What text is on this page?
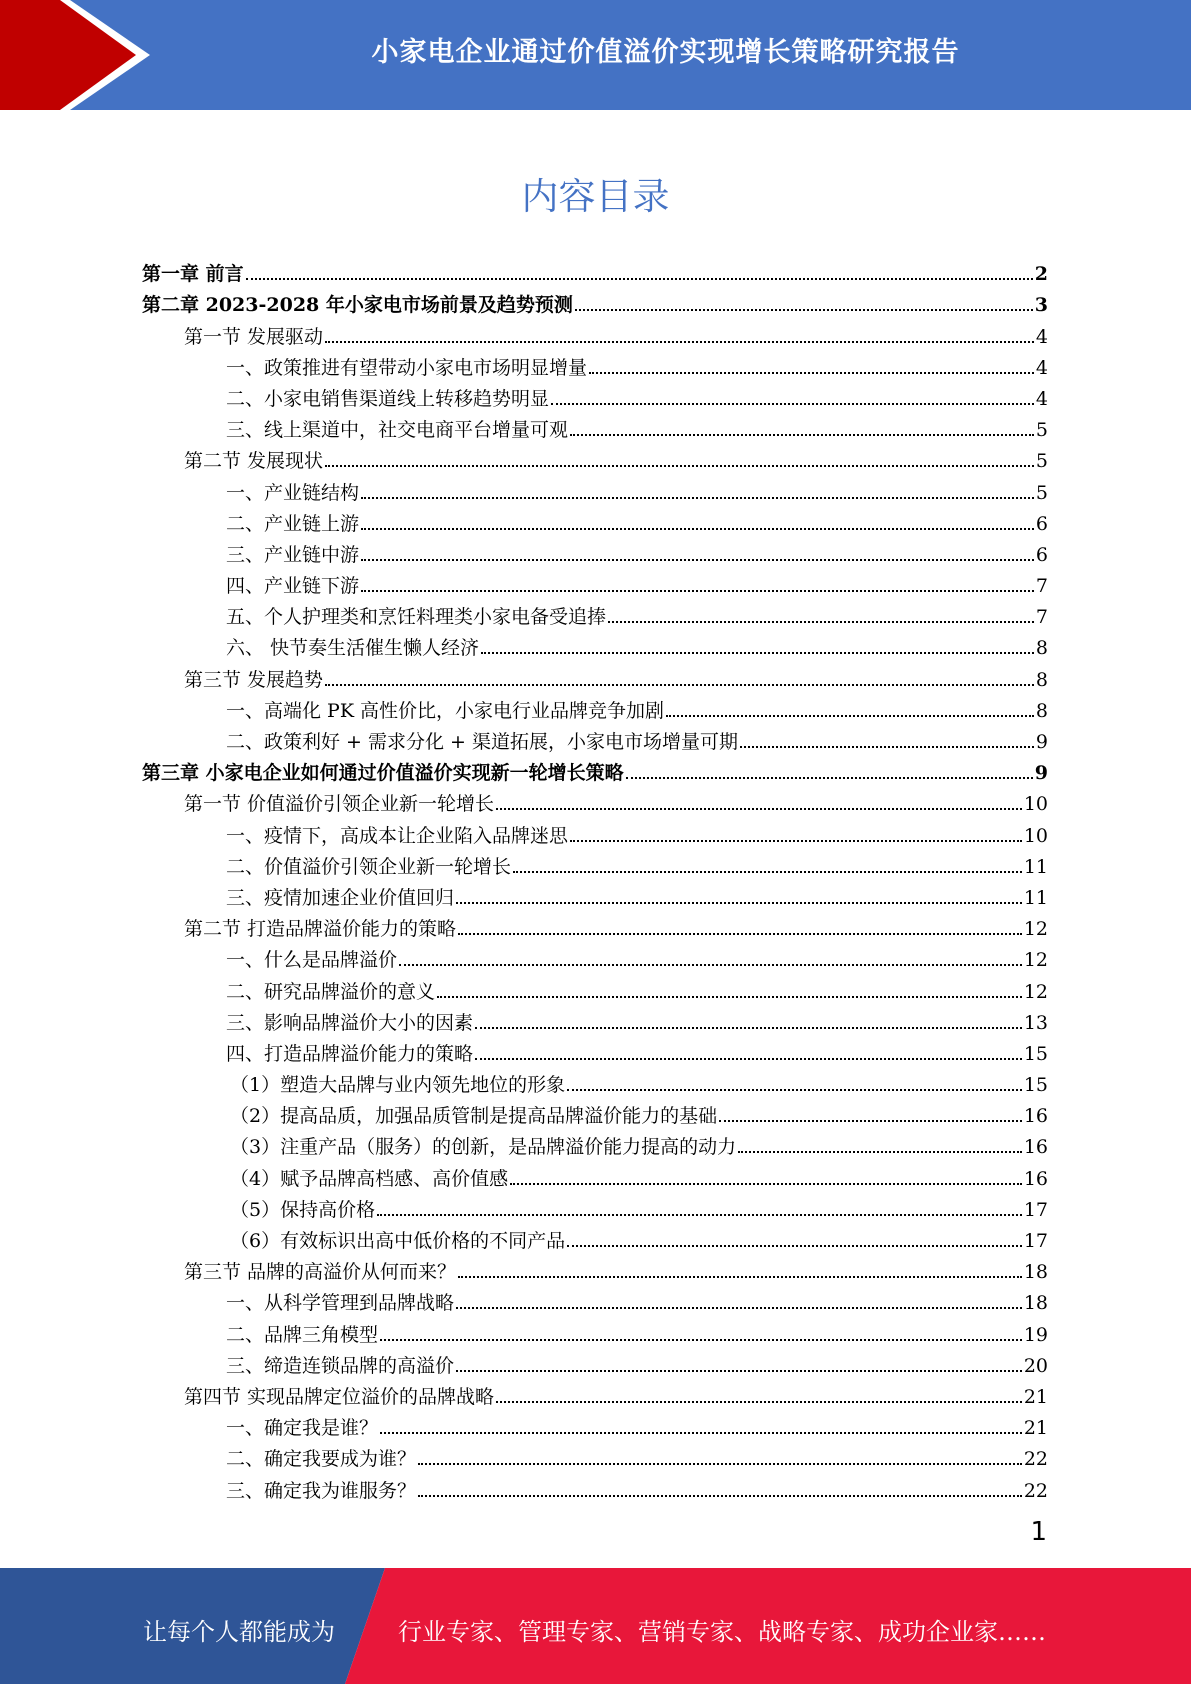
小家电企业通过价值溢价实现增长策略研究报告
内容目录
第一章 前言	2
第二章 2023-2028 年小家电市场前景及趋势预测	3
第一节 发展驱动	4
一、政策推进有望带动小家电市场明显增量	4
二、小家电销售渠道线上转移趋势明显	4
三、线上渠道中，社交电商平台增量可观	5
第二节 发展现状	5
一、产业链结构	5
二、产业链上游	6
三、产业链中游	6
四、产业链下游	7
五、个人护理类和烹饪料理类小家电备受追捧	7
六、 快节奏生活催生懒人经济	8
第三节 发展趋势	8
一、高端化 PK 高性价比，小家电行业品牌竞争加剧	8
二、政策利好 + 需求分化 + 渠道拓展，小家电市场增量可期	9
第三章 小家电企业如何通过价值溢价实现新一轮增长策略	9
第一节 价值溢价引领企业新一轮增长	10
一、疫情下，高成本让企业陷入品牌迷思	10
二、价值溢价引领企业新一轮增长	11
三、疫情加速企业价值回归	11
第二节 打造品牌溢价能力的策略	12
一、什么是品牌溢价	12
二、研究品牌溢价的意义	12
三、影响品牌溢价大小的因素	13
四、打造品牌溢价能力的策略	15
（1）塑造大品牌与业内领先地位的形象	15
（2）提高品质，加强品质管制是提高品牌溢价能力的基础	16
（3）注重产品（服务）的创新，是品牌溢价能力提高的动力	16
（4）赋予品牌高档感、高价值感	16
（5）保持高价格	17
（6）有效标识出高中低价格的不同产品	17
第三节 品牌的高溢价从何而来？	18
一、从科学管理到品牌战略	18
二、品牌三角模型	19
三、缔造连锁品牌的高溢价	20
第四节 实现品牌定位溢价的品牌战略	21
一、确定我是谁？	21
二、确定我要成为谁？	22
三、确定我为谁服务？	22
1
让每个人都能成为	行业专家、管理专家、营销专家、战略专家、成功企业家……
